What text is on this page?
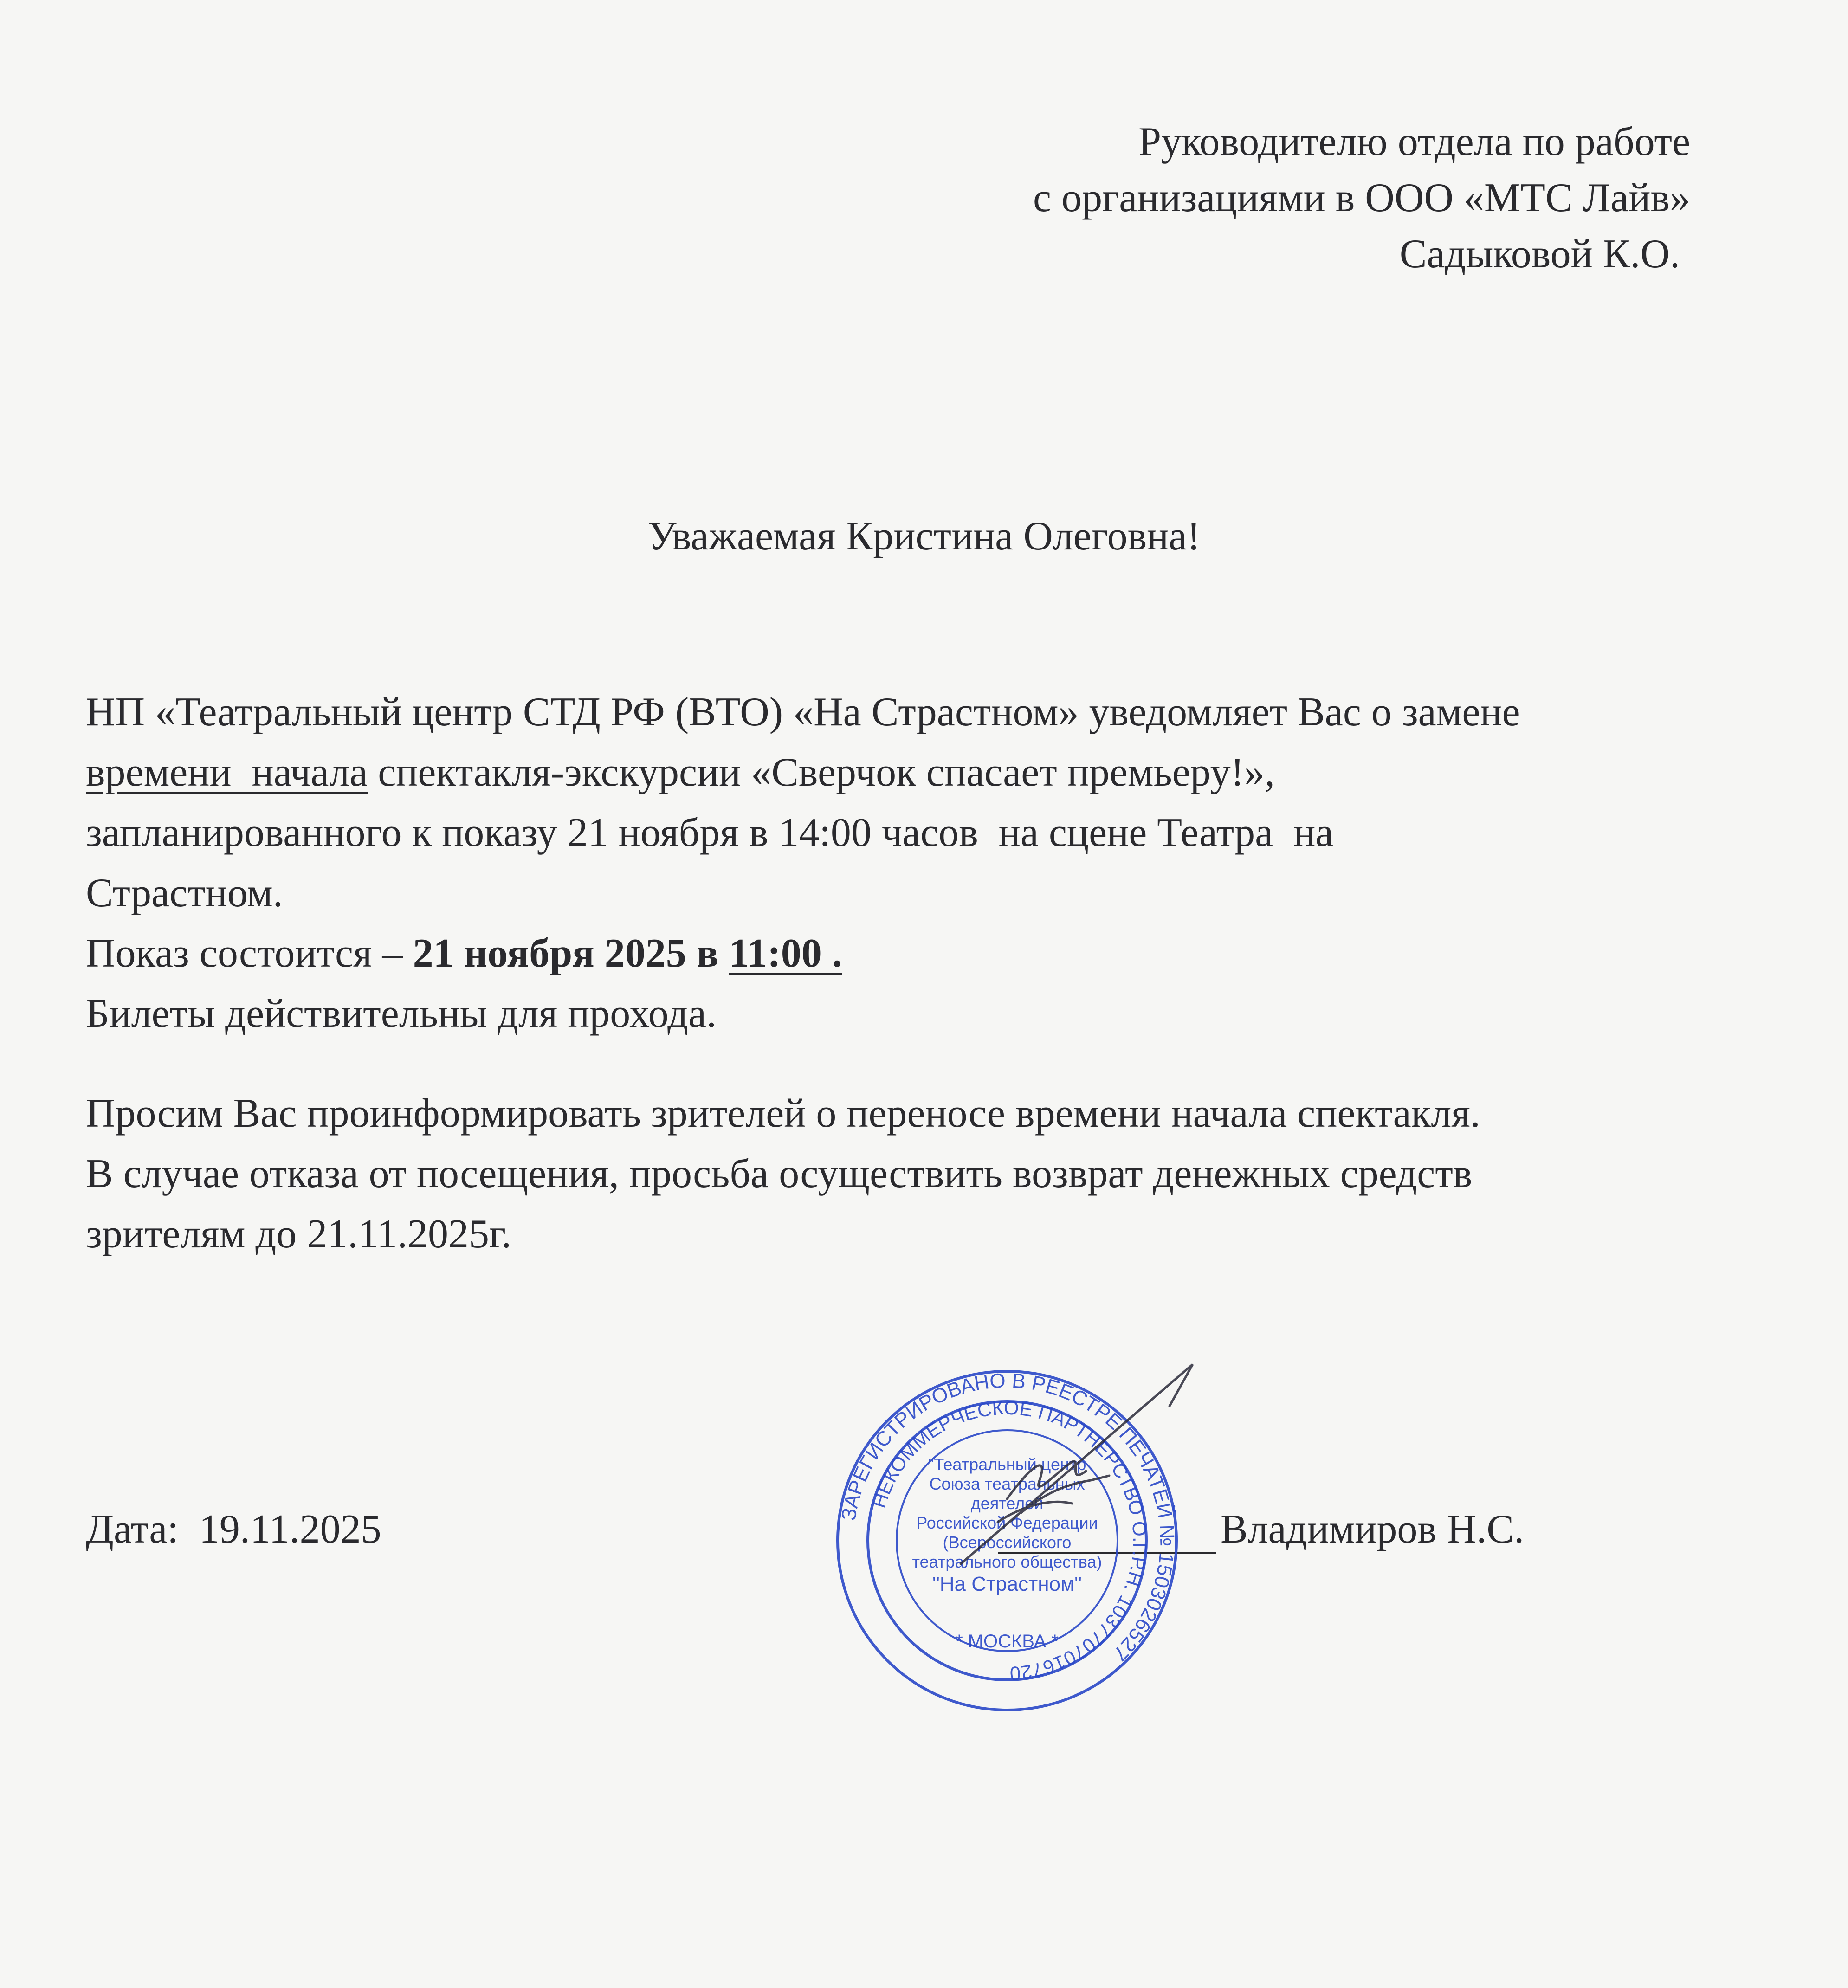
Руководителю отдела по работе
с организациями в ООО «МТС Лайв»
Садыковой К.О.
Уважаемая Кристина Олеговна!
НП «Театральный центр СТД РФ (ВТО) «На Страстном» уведомляет Вас о замене
времени  начала спектакля-экскурсии «Сверчок спасает премьеру!»,
запланированного к показу 21 ноября в 14:00 часов  на сцене Театра  на
Страстном.
Показ состоится – 21 ноября 2025 в 11:00 .
Билеты действительны для прохода.
Просим Вас проинформировать зрителей о переносе времени начала спектакля.
В случае отказа от посещения, просьба осуществить возврат денежных средств
зрителям до 21.11.2025г.
Дата: 19.11.2025	Владимиров Н.С.
ЗАРЕГИСТРИРОВАНО В РЕЕСТРЕ ПЕЧАТЕЙ № 1503026527
НЕКОММЕРЧЕСКОЕ ПАРТНЕРСТВО О.Г.Р.Н. 1037707016720
"Театральный центр
Союза театральных
деятелей
Российской Федерации
(Всероссийского
театрального общества)
"На Страстном"
* МОСКВА *
